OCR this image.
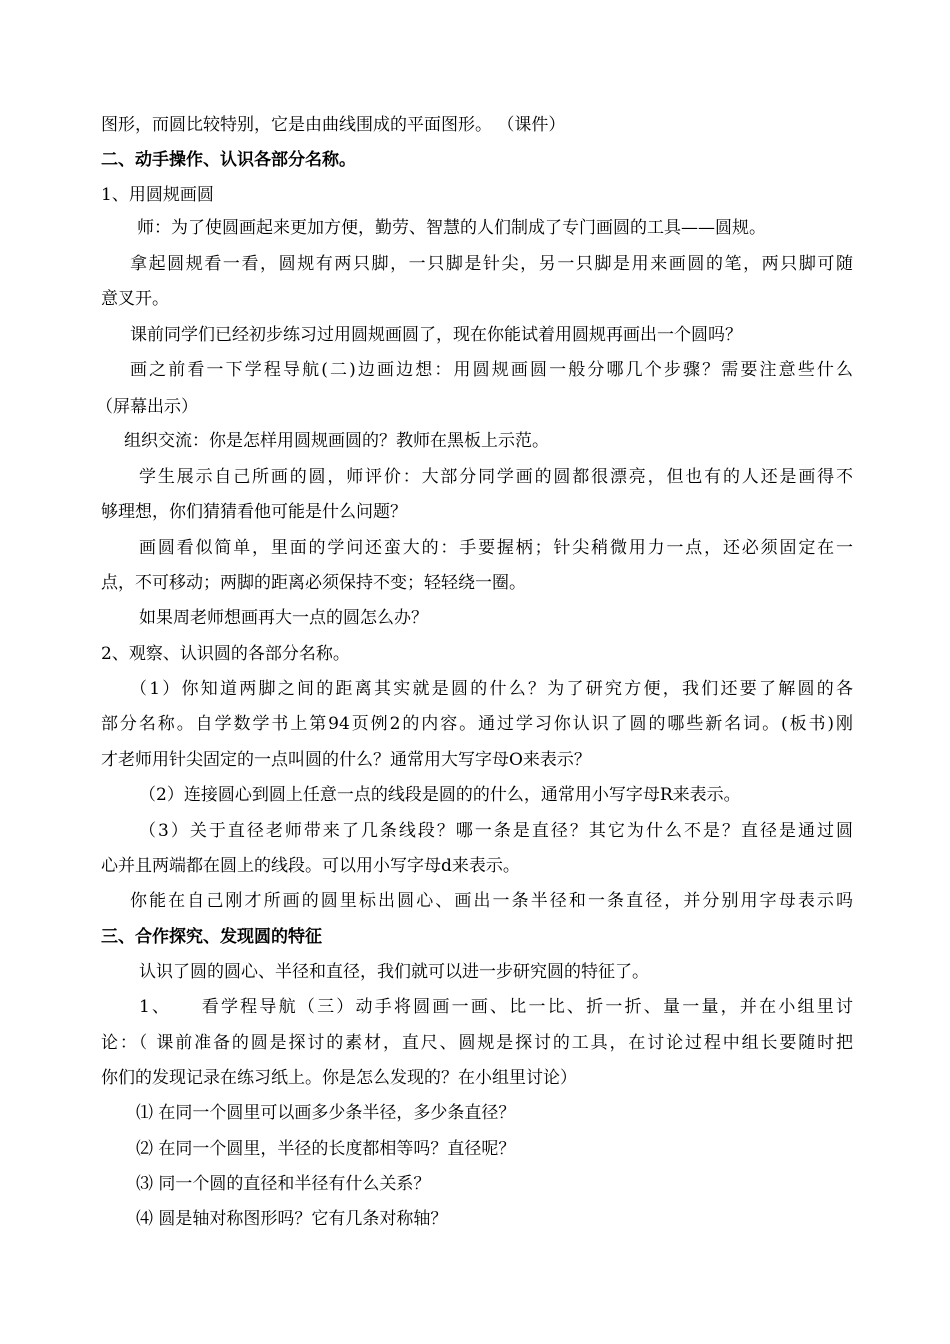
图形，而圆比较特别，它是由曲线围成的平面图形。 （课件）
二、动手操作、认识各部分名称。
1、用圆规画圆
师：为了使圆画起来更加方便，勤劳、智慧的人们制成了专门画圆的工具——圆规。
拿起圆规看一看，圆规有两只脚，一只脚是针尖，另一只脚是用来画圆的笔，两只脚可随
意叉开。
课前同学们已经初步练习过用圆规画圆了，现在你能试着用圆规再画出一个圆吗？
画之前看一下学程导航(二)边画边想：用圆规画圆一般分哪几个步骤？需要注意些什么
（屏幕出示）
组织交流：你是怎样用圆规画圆的？教师在黑板上示范。
学生展示自己所画的圆，师评价：大部分同学画的圆都很漂亮，但也有的人还是画得不
够理想，你们猜猜看他可能是什么问题？
画圆看似简单，里面的学问还蛮大的：手要握柄；针尖稍微用力一点，还必须固定在一
点，不可移动；两脚的距离必须保持不变；轻轻绕一圈。
如果周老师想画再大一点的圆怎么办？
2、观察、认识圆的各部分名称。
（1）你知道两脚之间的距离其实就是圆的什么？为了研究方便，我们还要了解圆的各
部分名称。自学数学书上第94页例2的内容。通过学习你认识了圆的哪些新名词。(板书)刚
才老师用针尖固定的一点叫圆的什么？通常用大写字母O来表示？
（2）连接圆心到圆上任意一点的线段是圆的的什么，通常用小写字母R来表示。
（3）关于直径老师带来了几条线段？哪一条是直径？其它为什么不是？直径是通过圆
心并且两端都在圆上的线段。可以用小写字母d来表示。
你能在自己刚才所画的圆里标出圆心、画出一条半径和一条直径，并分别用字母表示吗
三、合作探究、发现圆的特征
认识了圆的圆心、半径和直径，我们就可以进一步研究圆的特征了。
1、    看学程导航（三）动手将圆画一画、比一比、折一折、量一量，并在小组里讨
论：（ 课前准备的圆是探讨的素材，直尺、圆规是探讨的工具，在讨论过程中组长要随时把
你们的发现记录在练习纸上。你是怎么发现的？在小组里讨论）
⑴ 在同一个圆里可以画多少条半径，多少条直径？
⑵ 在同一个圆里，半径的长度都相等吗？直径呢？
⑶ 同一个圆的直径和半径有什么关系？
⑷ 圆是轴对称图形吗？它有几条对称轴？
